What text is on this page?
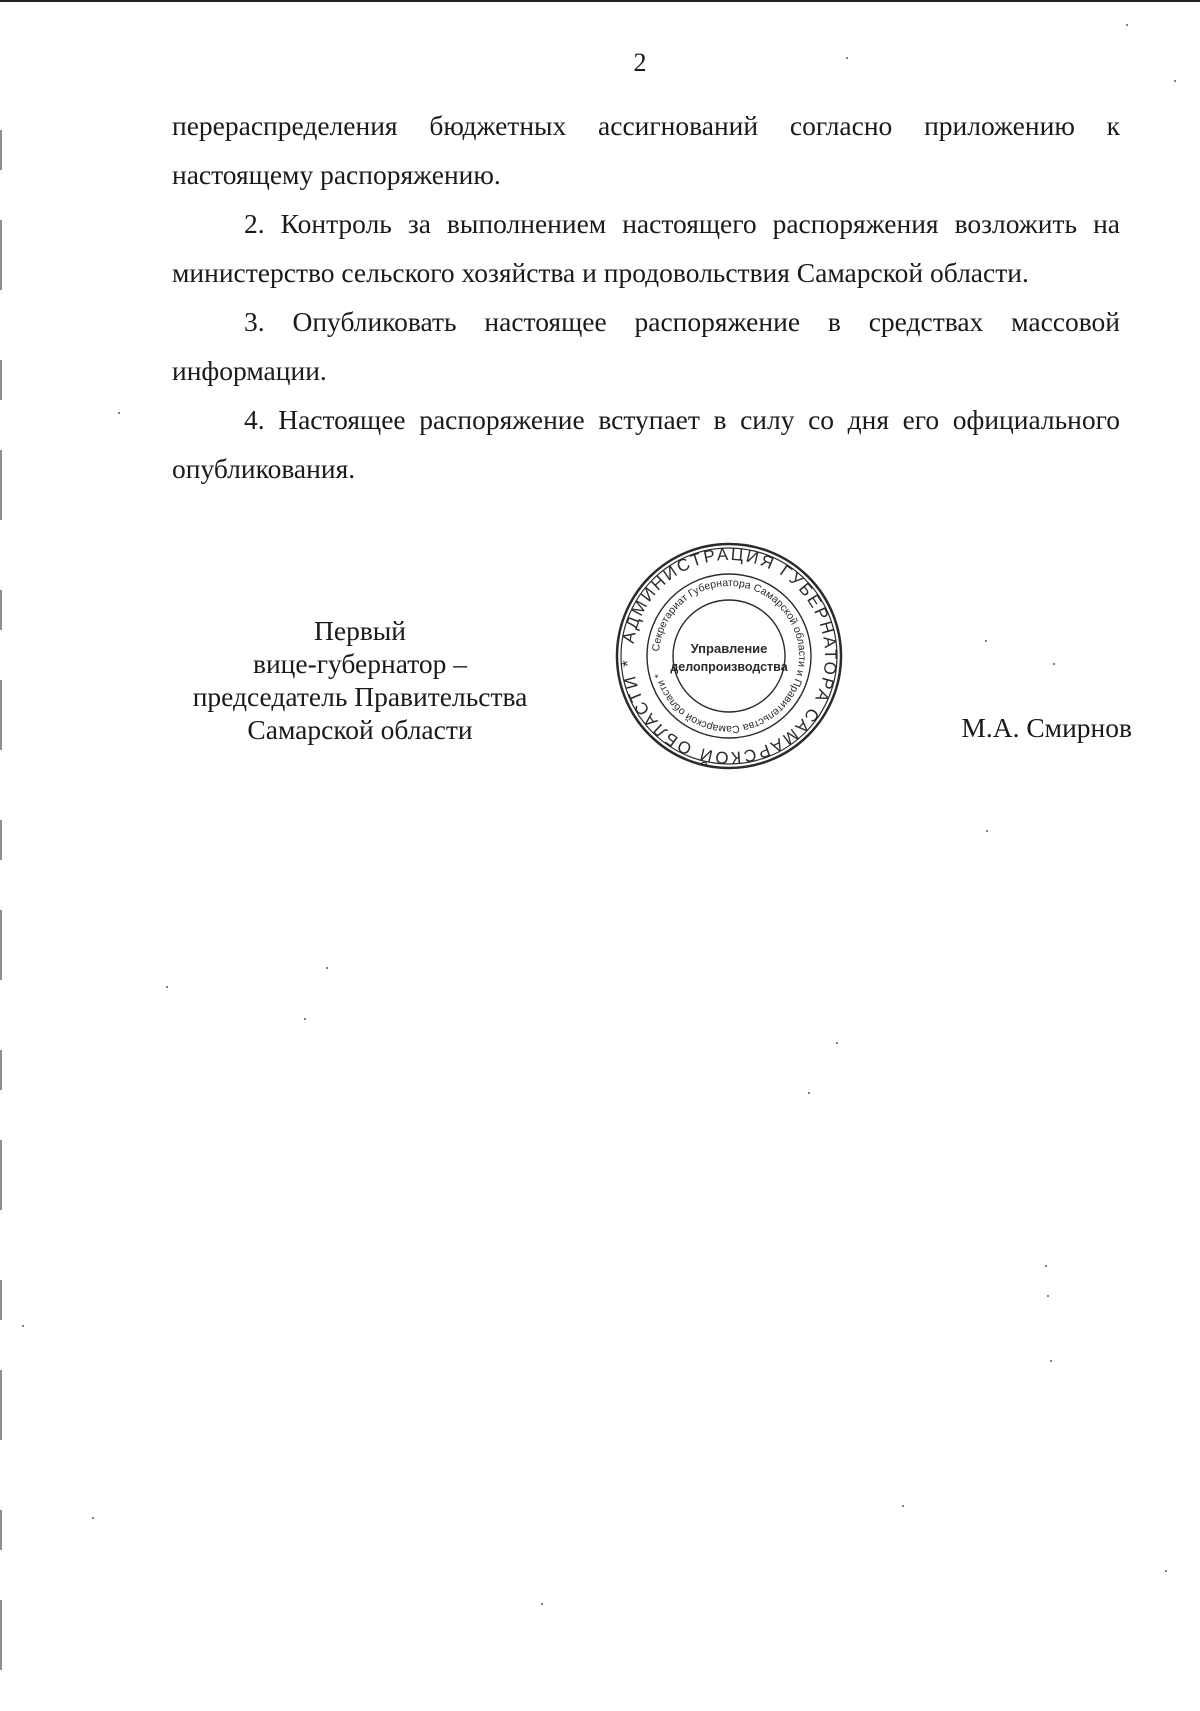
2

перераспределения бюджетных ассигнований согласно приложению к настоящему распоряжению.

2. Контроль за выполнением настоящего распоряжения возложить на министерство сельского хозяйства и продовольствия Самарской области.

3. Опубликовать настоящее распоряжение в средствах массовой информации.

4. Настоящее распоряжение вступает в силу со дня его официального опубликования.

Первый
вице-губернатор –
председатель Правительства
Самарской области
АДМИНИСТРАЦИЯ ГУБЕРНАТОРА САМАРСКОЙ ОБЛАСТИ *
Секретариат Губернатора Самарской области и Правительства Самарской области *
Управление
делопроизводства
М.А. Смирнов
